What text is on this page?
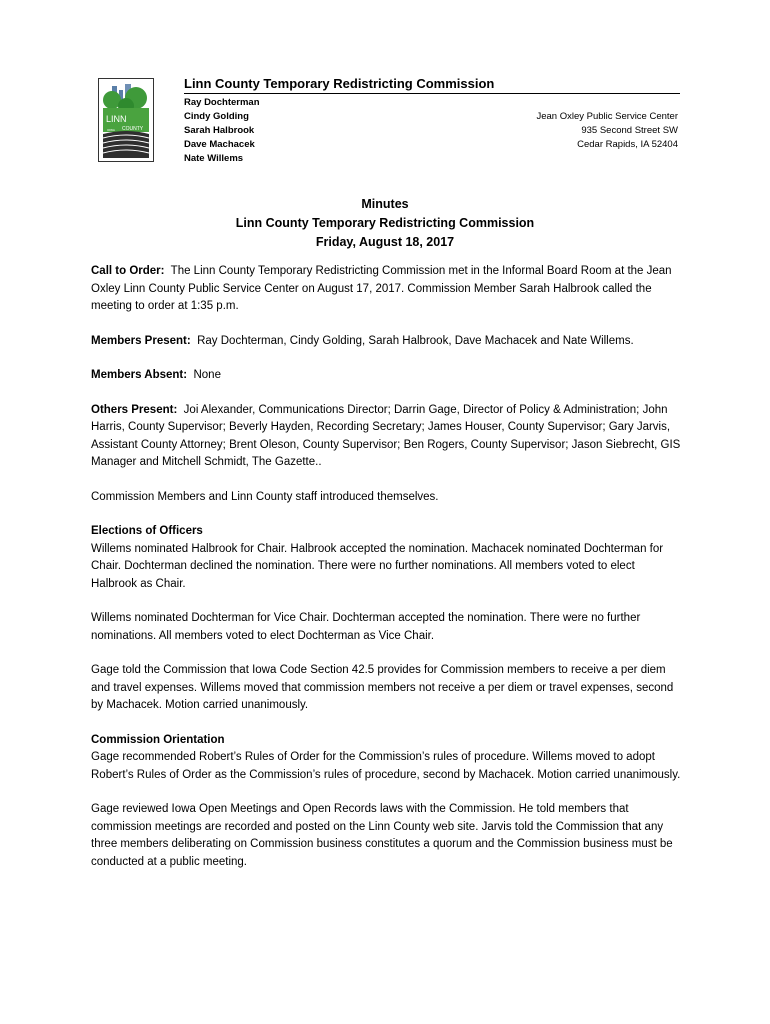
LINN
COUNTY
IOWA
Linn County Temporary Redistricting Commission
Ray Dochterman
Cindy Golding
Sarah Halbrook
Dave Machacek
Nate Willems
Jean Oxley Public Service Center
935 Second Street SW
Cedar Rapids, IA 52404
Minutes
Linn County Temporary Redistricting Commission
Friday, August 18, 2017

Call to Order: The Linn County Temporary Redistricting Commission met in the Informal Board Room at the Jean Oxley Linn County Public Service Center on August 17, 2017. Commission Member Sarah Halbrook called the meeting to order at 1:35 p.m.

Members Present: Ray Dochterman, Cindy Golding, Sarah Halbrook, Dave Machacek and Nate Willems.

Members Absent: None

Others Present: Joi Alexander, Communications Director; Darrin Gage, Director of Policy & Administration; John Harris, County Supervisor; Beverly Hayden, Recording Secretary; James Houser, County Supervisor; Gary Jarvis, Assistant County Attorney; Brent Oleson, County Supervisor; Ben Rogers, County Supervisor; Jason Siebrecht, GIS Manager and Mitchell Schmidt, The Gazette..

Commission Members and Linn County staff introduced themselves.

Elections of Officers
Willems nominated Halbrook for Chair. Halbrook accepted the nomination. Machacek nominated Dochterman for Chair. Dochterman declined the nomination. There were no further nominations. All members voted to elect Halbrook as Chair.

Willems nominated Dochterman for Vice Chair. Dochterman accepted the nomination. There were no further nominations. All members voted to elect Dochterman as Vice Chair.

Gage told the Commission that Iowa Code Section 42.5 provides for Commission members to receive a per diem and travel expenses. Willems moved that commission members not receive a per diem or travel expenses, second by Machacek. Motion carried unanimously.

Commission Orientation
Gage recommended Robert’s Rules of Order for the Commission’s rules of procedure. Willems moved to adopt Robert’s Rules of Order as the Commission’s rules of procedure, second by Machacek. Motion carried unanimously.

Gage reviewed Iowa Open Meetings and Open Records laws with the Commission. He told members that commission meetings are recorded and posted on the Linn County web site. Jarvis told the Commission that any three members deliberating on Commission business constitutes a quorum and the Commission business must be conducted at a public meeting.
